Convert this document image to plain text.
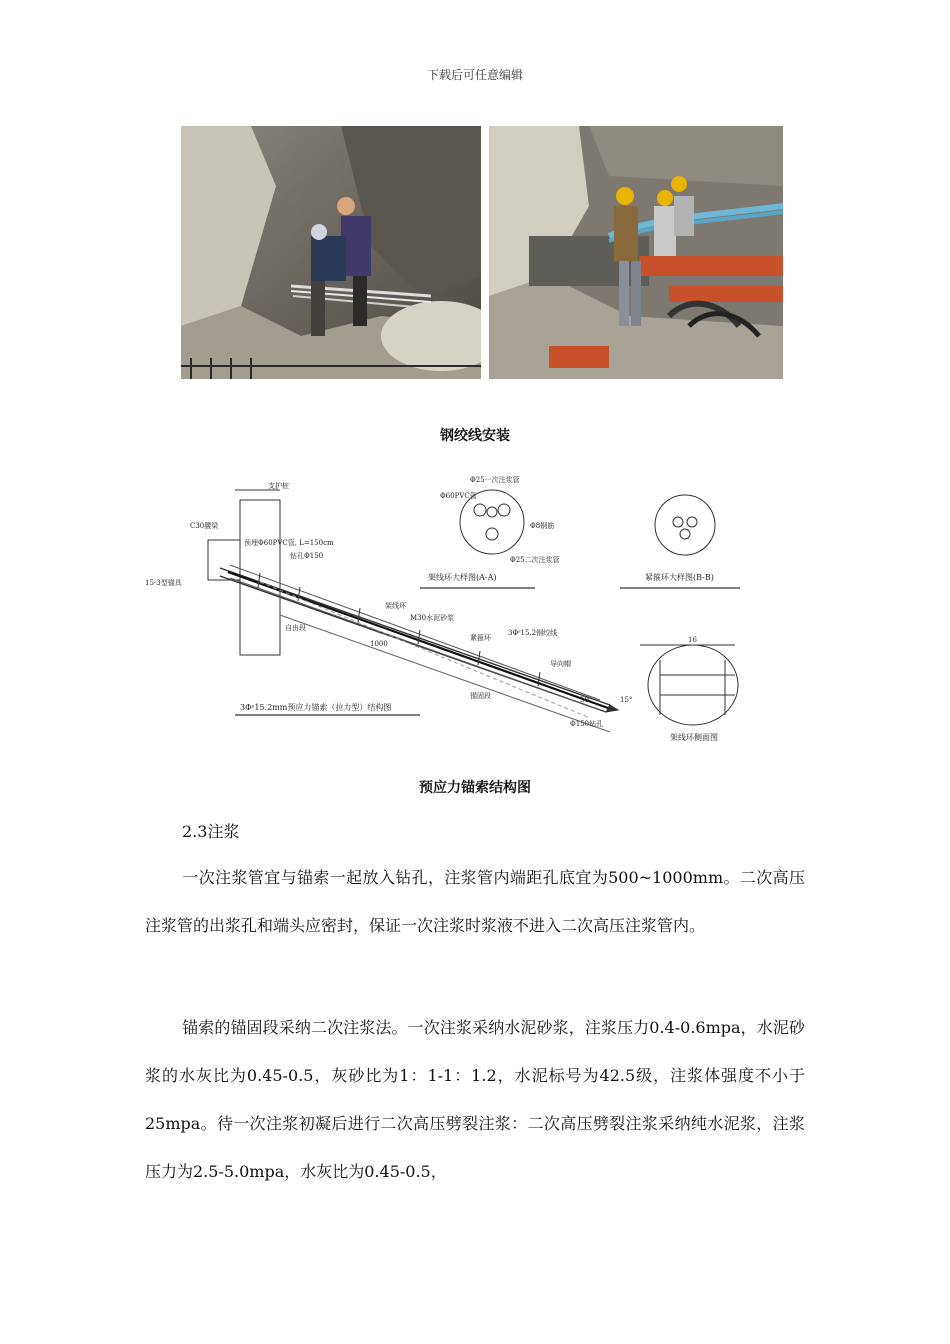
下载后可任意编辑
钢绞线安装
支护桩
C30腰梁
预埋Φ60PVC管, L=150cm
15-3型锚具
钻孔Φ150
架线环
M30水泥砂浆
紧箍环
3Φˢ15.2钢绞线
导向帽
自由段
锚固段
Φ150钻孔
15°
1000
50
Φ25一次注浆管
Φ60PVC管
Φ8钢筋
Φ25二次注浆管
16
3Φˢ15.2mm预应力锚索（拉力型）结构图
架线环大样图(A-A)	紧箍环大样图(B-B)
架线环侧面图
预应力锚索结构图
2.3注浆
一次注浆管宜与锚索一起放入钻孔，注浆管内端距孔底宜为500~1000mm。二次高压注浆管的出浆孔和端头应密封，保证一次注浆时浆液不进入二次高压注浆管内。
锚索的锚固段采纳二次注浆法。一次注浆采纳水泥砂浆，注浆压力0.4-0.6mpa，水泥砂浆的水灰比为0.45-0.5，灰砂比为1：1-1：1.2，水泥标号为42.5级，注浆体强度不小于25mpa。待一次注浆初凝后进行二次高压劈裂注浆：二次高压劈裂注浆采纳纯水泥浆，注浆压力为2.5-5.0mpa，水灰比为0.45-0.5，
